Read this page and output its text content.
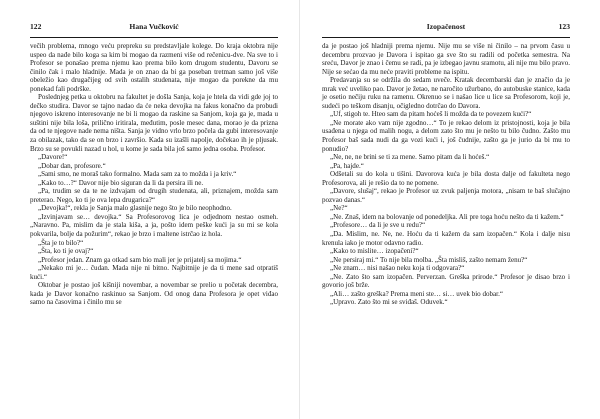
122	Hana Vučković

večih problema, mnogo veću prepreku su predstavljale kolege. Do kraja oktobra nije uspeo da nađe bilo koga sa kim bi mogao da razmeni više od rečenicu-dve. Na sve to i Profesor se ponašao prema njemu kao prema bilo kom drugom studentu, Davoru se činilo čak i malo hladnije. Mada je on znao da bi ga poseban tretman samo još više obeležio kao drugačijeg od svih ostalih studenata, nije mogao da porekne da mu ponekad fali podrške.

Poslednjeg petka u oktobru na fakultet je došla Sanja, koja je htela da vidi gde joj to dečko studira. Davor se tajno nadao da će neka devojka na fakus konačno da probudi njegovo iskreno interesovanje ne bi li mogao da raskine sa Sanjom, koja ga je, mada u suštini nije bila loša, prilično iritirala, međutim, posle mesec dana, morao je da prizna da od te njegove nade nema ništa. Sanja je vidno vrlo brzo počela da gubi interesovanje za obilazak, tako da se on brzo i završio. Kada su izašli napolje, dočekao ih je pljusak. Brzo su se povukli nazad u hol, u kome je sada bila još samo jedna osoba. Profesor.

„Davore!“

„Dobar dan, profesore.“

„Sami smo, ne moraš tako formalno. Mada sam za to možda i ja kriv.“

„Kako to…?“ Davor nije bio siguran da li da persira ili ne.

„Pa, trudim se da te ne izdvajam od drugih studenata, ali, priznajem, možda sam preterao. Nego, ko ti je ova lepa drugarica?“

„Devojka!“, reklа je Sanja malo glasnije nego što je bilo neophodno.

„Izvinjavam se… devojka.“ Sa Profesorovog lica je odjednom nestao osmeh. „Naravno. Pa, mislim da je stala kiša, a ja, pošto idem peške kući ja su mi se kola pokvarila, bolje da požurim“, rekao je brzo i maltene istrčao iz hola.

„Šta je to bilo?“

„Šta, ko ti je ovaj?“

„Profesor jedan. Znam ga otkad sam bio mali jer je prijatelj sa mojima.“

„Nekako mi je… čudan. Mada nije ni bitno. Najbitnije je da ti mene sad otpratiš kući.“

Oktobar je postao još kišniji novembar, a novembar se prelio u početak decembra, kada je Davor konačno raskinuo sa Sanjom. Od onog dana Profesora je opet viđao samo na časovima i činilo mu se

Izopačenost	123

da je postao još hladniji prema njemu. Nije mu se više ni činilo – na prvom času u decembru prozvao je Davora i ispitao ga sve što su radili od početka semestra. Na sreću, Davor je znao i čemu se radi, pa je izbegao javnu sramotu, ali nije mu bilo pravo. Nije se sećao da mu neće praviti probleme na ispitu.

Predavanja su se održila do sedam uveče. Kratak decembarski dan je značio da je mrak već uveliko pao. Davor je žetao, ne naročito užurbano, do autobuske stanice, kada je osetio nečiju ruku na ramenu. Okrenuo se i našao lice u lice sa Profesorom, koji je, sudeći po teškom disanju, očigledno dotrčao do Davora.

„Uf, stigoh te. Hteo sam da pitam hoćeš li možda da te povezem kući?“

„Ne morate ako vam nije zgodno…“ To je rekao delom iz pristojnosti, koja je bila usađena u njega od malih nogu, a delom zato što mu je nešto tu bilo čudno. Zašto mu Profesor baš sada nudi da ga vozi kući i, još čudnije, zašto ga je jurio da bi mu to ponudio?

„Ne, ne, ne brini se ti za mene. Samo pitam da li hoćeš.“

„Pa, hajde.“

Odšetali su do kola u tišini. Davorova kuća je bila dosta dalje od fakulteta nego Profesorova, ali je rešio da to ne pomene.

„Davore, slušaj“, rekao je Profesor uz zvuk paljenja motora, „nisam te baš slučajno pozvao danas.“

„Ne?“

„Ne. Znaš, idem na bolovanje od ponedeljka. Ali pre toga hoću nešto da ti kažem.“

„Profesore… da li je sve u redu?“

„Da. Mislim, ne. Ne, ne. Hoću da ti kažem da sam izopačen.“ Kola i dalje nisu krenula iako je motor odavno radio.

„Kako to mislite… izopačeni?“

„Ne persiraj mi.“ To nije bila molba. „Šta misliš, zašto nemam ženu?“

„Ne znam… nisi našao neku koja ti odgovara?“

„Ne. Zato što sam izopačen. Perverzan. Greška prirode.“ Profesor je disao brzo i govorio još brže.

„Ali… zašto greška? Prema meni ste… si… uvek bio dobar.“

„Upravo. Zato što mi se sviđaš. Oduvek.“
